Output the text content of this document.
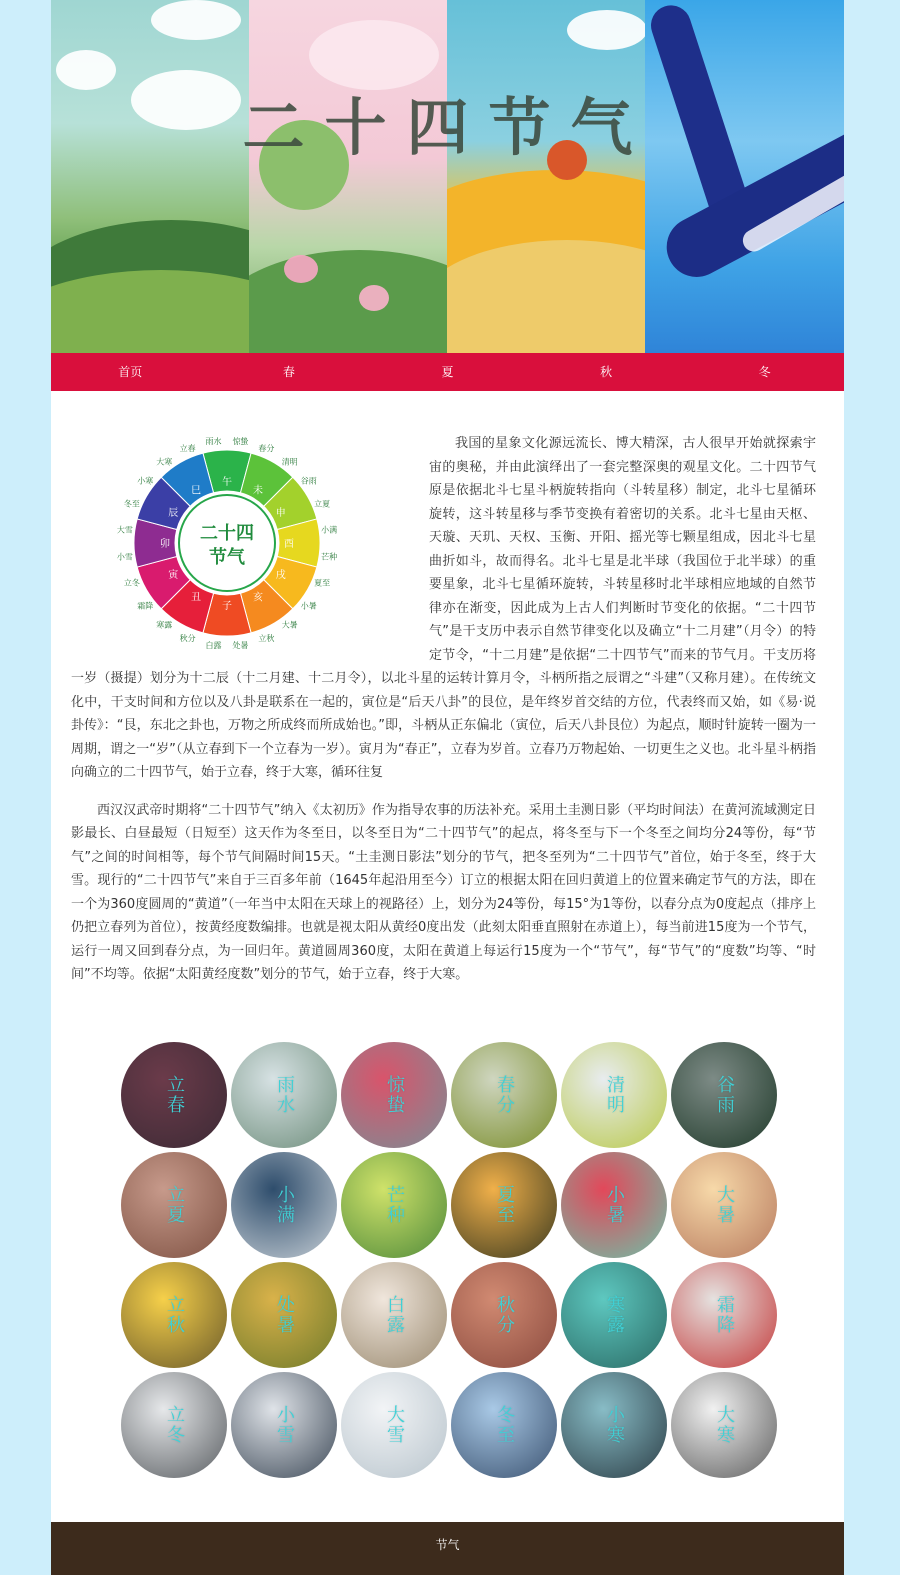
二十四节气
首页	春	夏	秋	冬
二十四
节气
子
丑
寅
卯
辰
巳
午
未
申
酉
戌
亥
立春
雨水 惊蛰
春分
清明
谷雨
立夏
小满
芒种
夏至
小暑
大暑
立秋
处暑
白露
秋分
寒露
霜降
立冬
小雪
大雪
冬至
小寒
大寒

我国的星象文化源远流长、博大精深，古人很早开始就探索宇宙的奥秘，并由此演绎出了一套完整深奥的观星文化。二十四节气原是依据北斗七星斗柄旋转指向（斗转星移）制定，北斗七星循环旋转，这斗转星移与季节变换有着密切的关系。北斗七星由天枢、天璇、天玑、天权、玉衡、开阳、摇光等七颗星组成，因北斗七星曲折如斗，故而得名。北斗七星是北半球（我国位于北半球）的重要星象，北斗七星循环旋转，斗转星移时北半球相应地域的自然节律亦在渐变，因此成为上古人们判断时节变化的依据。“二十四节气”是干支历中表示自然节律变化以及确立“十二月建”（月令）的特定节令，“十二月建”是依据“二十四节气”而来的节气月。干支历将一岁（摄提）划分为十二辰（十二月建、十二月令），以北斗星的运转计算月令，斗柄所指之辰谓之“斗建”（又称月建）。在传统文化中，干支时间和方位以及八卦是联系在一起的，寅位是“后天八卦”的艮位，是年终岁首交结的方位，代表终而又始，如《易·说卦传》：“艮，东北之卦也，万物之所成终而所成始也。”即，斗柄从正东偏北（寅位，后天八卦艮位）为起点，顺时针旋转一圈为一周期，谓之一“岁”（从立春到下一个立春为一岁）。寅月为“春正”，立春为岁首。立春乃万物起始、一切更生之义也。北斗星斗柄指向确立的二十四节气，始于立春，终于大寒，循环往复

西汉汉武帝时期将“二十四节气”纳入《太初历》作为指导农事的历法补充。采用土圭测日影（平均时间法）在黄河流域测定日影最长、白昼最短（日短至）这天作为冬至日，以冬至日为“二十四节气”的起点，将冬至与下一个冬至之间均分24等份，每“节气”之间的时间相等，每个节气间隔时间15天。“土圭测日影法”划分的节气，把冬至列为“二十四节气”首位，始于冬至，终于大雪。现行的“二十四节气”来自于三百多年前（1645年起沿用至今）订立的根据太阳在回归黄道上的位置来确定节气的方法，即在一个为360度圆周的“黄道”（一年当中太阳在天球上的视路径）上，划分为24等份，每15°为1等份，以春分点为0度起点（排序上仍把立春列为首位），按黄经度数编排。也就是视太阳从黄经0度出发（此刻太阳垂直照射在赤道上），每当前进15度为一个节气，运行一周又回到春分点，为一回归年。黄道圆周360度，太阳在黄道上每运行15度为一个“节气”，每“节气”的“度数”均等、“时间”不均等。依据“太阳黄经度数”划分的节气，始于立春，终于大寒。

立春	雨水	惊蛰	春分	清明	谷雨
立夏	小满	芒种	夏至	小暑	大暑
立秋	处暑	白露	秋分	寒露	霜降
立冬	小雪	大雪	冬至	小寒	大寒
节气
